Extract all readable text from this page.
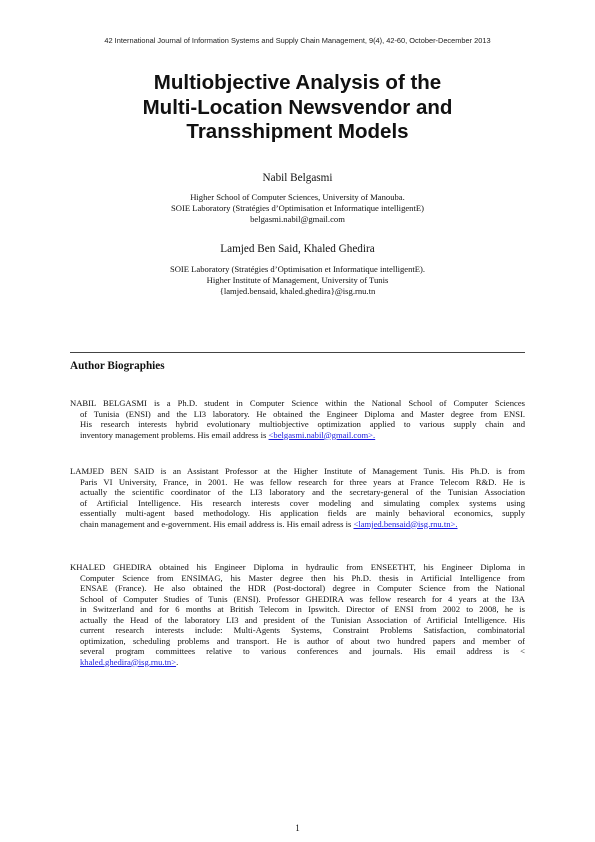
42 International Journal of Information Systems and Supply Chain Management, 9(4), 42-60, October-December 2013
Multiobjective Analysis of the
Multi-Location Newsvendor and
Transshipment Models
Nabil Belgasmi
Higher School of Computer Sciences, University of Manouba.
SOIE Laboratory (Stratégies d’Optimisation et Informatique intelligentE)
belgasmi.nabil@gmail.com
Lamjed Ben Said, Khaled Ghedira
SOIE Laboratory (Stratégies d’Optimisation et Informatique intelligentE).
Higher Institute of Management, University of Tunis
{lamjed.bensaid, khaled.ghedira}@isg.rnu.tn
Author Biographies
NABIL BELGASMI is a Ph.D. student in Computer Science within the National School of Computer Sciences
of Tunisia (ENSI) and the LI3 laboratory. He obtained the Engineer Diploma and Master degree from ENSI.
His research interests hybrid evolutionary multiobjective optimization applied to various supply chain and
inventory management problems. His email address is <belgasmi.nabil@gmail.com>.
LAMJED BEN SAID is an Assistant Professor at the Higher Institute of Management Tunis. His Ph.D. is from
Paris VI University, France, in 2001. He was fellow research for three years at France Telecom R&D. He is
actually the scientific coordinator of the LI3 laboratory and the secretary-general of the Tunisian Association
of Artificial Intelligence. His research interests cover modeling and simulating complex systems using
essentially multi-agent based methodology. His application fields are mainly behavioral economics, supply
chain management and e-government. His email address is. His email adress is <lamjed.bensaid@isg.rnu.tn>.
KHALED GHEDIRA obtained his Engineer Diploma in hydraulic from ENSEETHT, his Engineer Diploma in
Computer Science from ENSIMAG, his Master degree then his Ph.D. thesis in Artificial Intelligence from
ENSAE (France). He also obtained the HDR (Post-doctoral) degree in Computer Science from the National
School of Computer Studies of Tunis (ENSI). Professor GHEDIRA was fellow research for 4 years at the I3A
in Switzerland and for 6 months at British Telecom in Ipswitch. Director of ENSI from 2002 to 2008, he is
actually the Head of the laboratory LI3 and president of the Tunisian Association of Artificial Intelligence. His
current research interests include: Multi-Agents Systems, Constraint Problems Satisfaction, combinatorial
optimization, scheduling problems and transport. He is author of about two hundred papers and member of
several program committees relative to various conferences and journals. His email address is <
khaled.ghedira@isg.rnu.tn>.
1
